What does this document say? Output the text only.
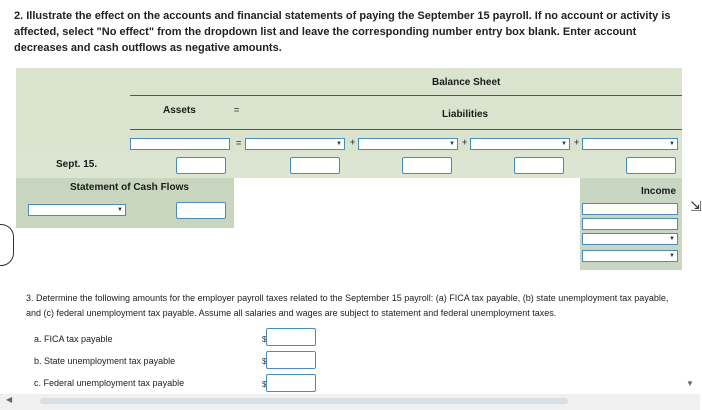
2. Illustrate the effect on the accounts and financial statements of paying the September 15 payroll. If no account or activity is affected, select "No effect" from the dropdown list and leave the corresponding number entry box blank. Enter account decreases and cash outflows as negative amounts.
Balance Sheet
Assets	=	Liabilities
=	▼ +	▼ +	▼ +	▼
Sept. 15.
Statement of Cash Flows
▼
Income
▼
▼
⇲
3. Determine the following amounts for the employer payroll taxes related to the September 15 payroll: (a) FICA tax payable, (b) state unemployment tax payable, and (c) federal unemployment tax payable. Assume all salaries and wages are subject to statement and federal unemployment taxes.
a. FICA tax payable	$
b. State unemployment tax payable	$
c. Federal unemployment tax payable	$
◀
▼
